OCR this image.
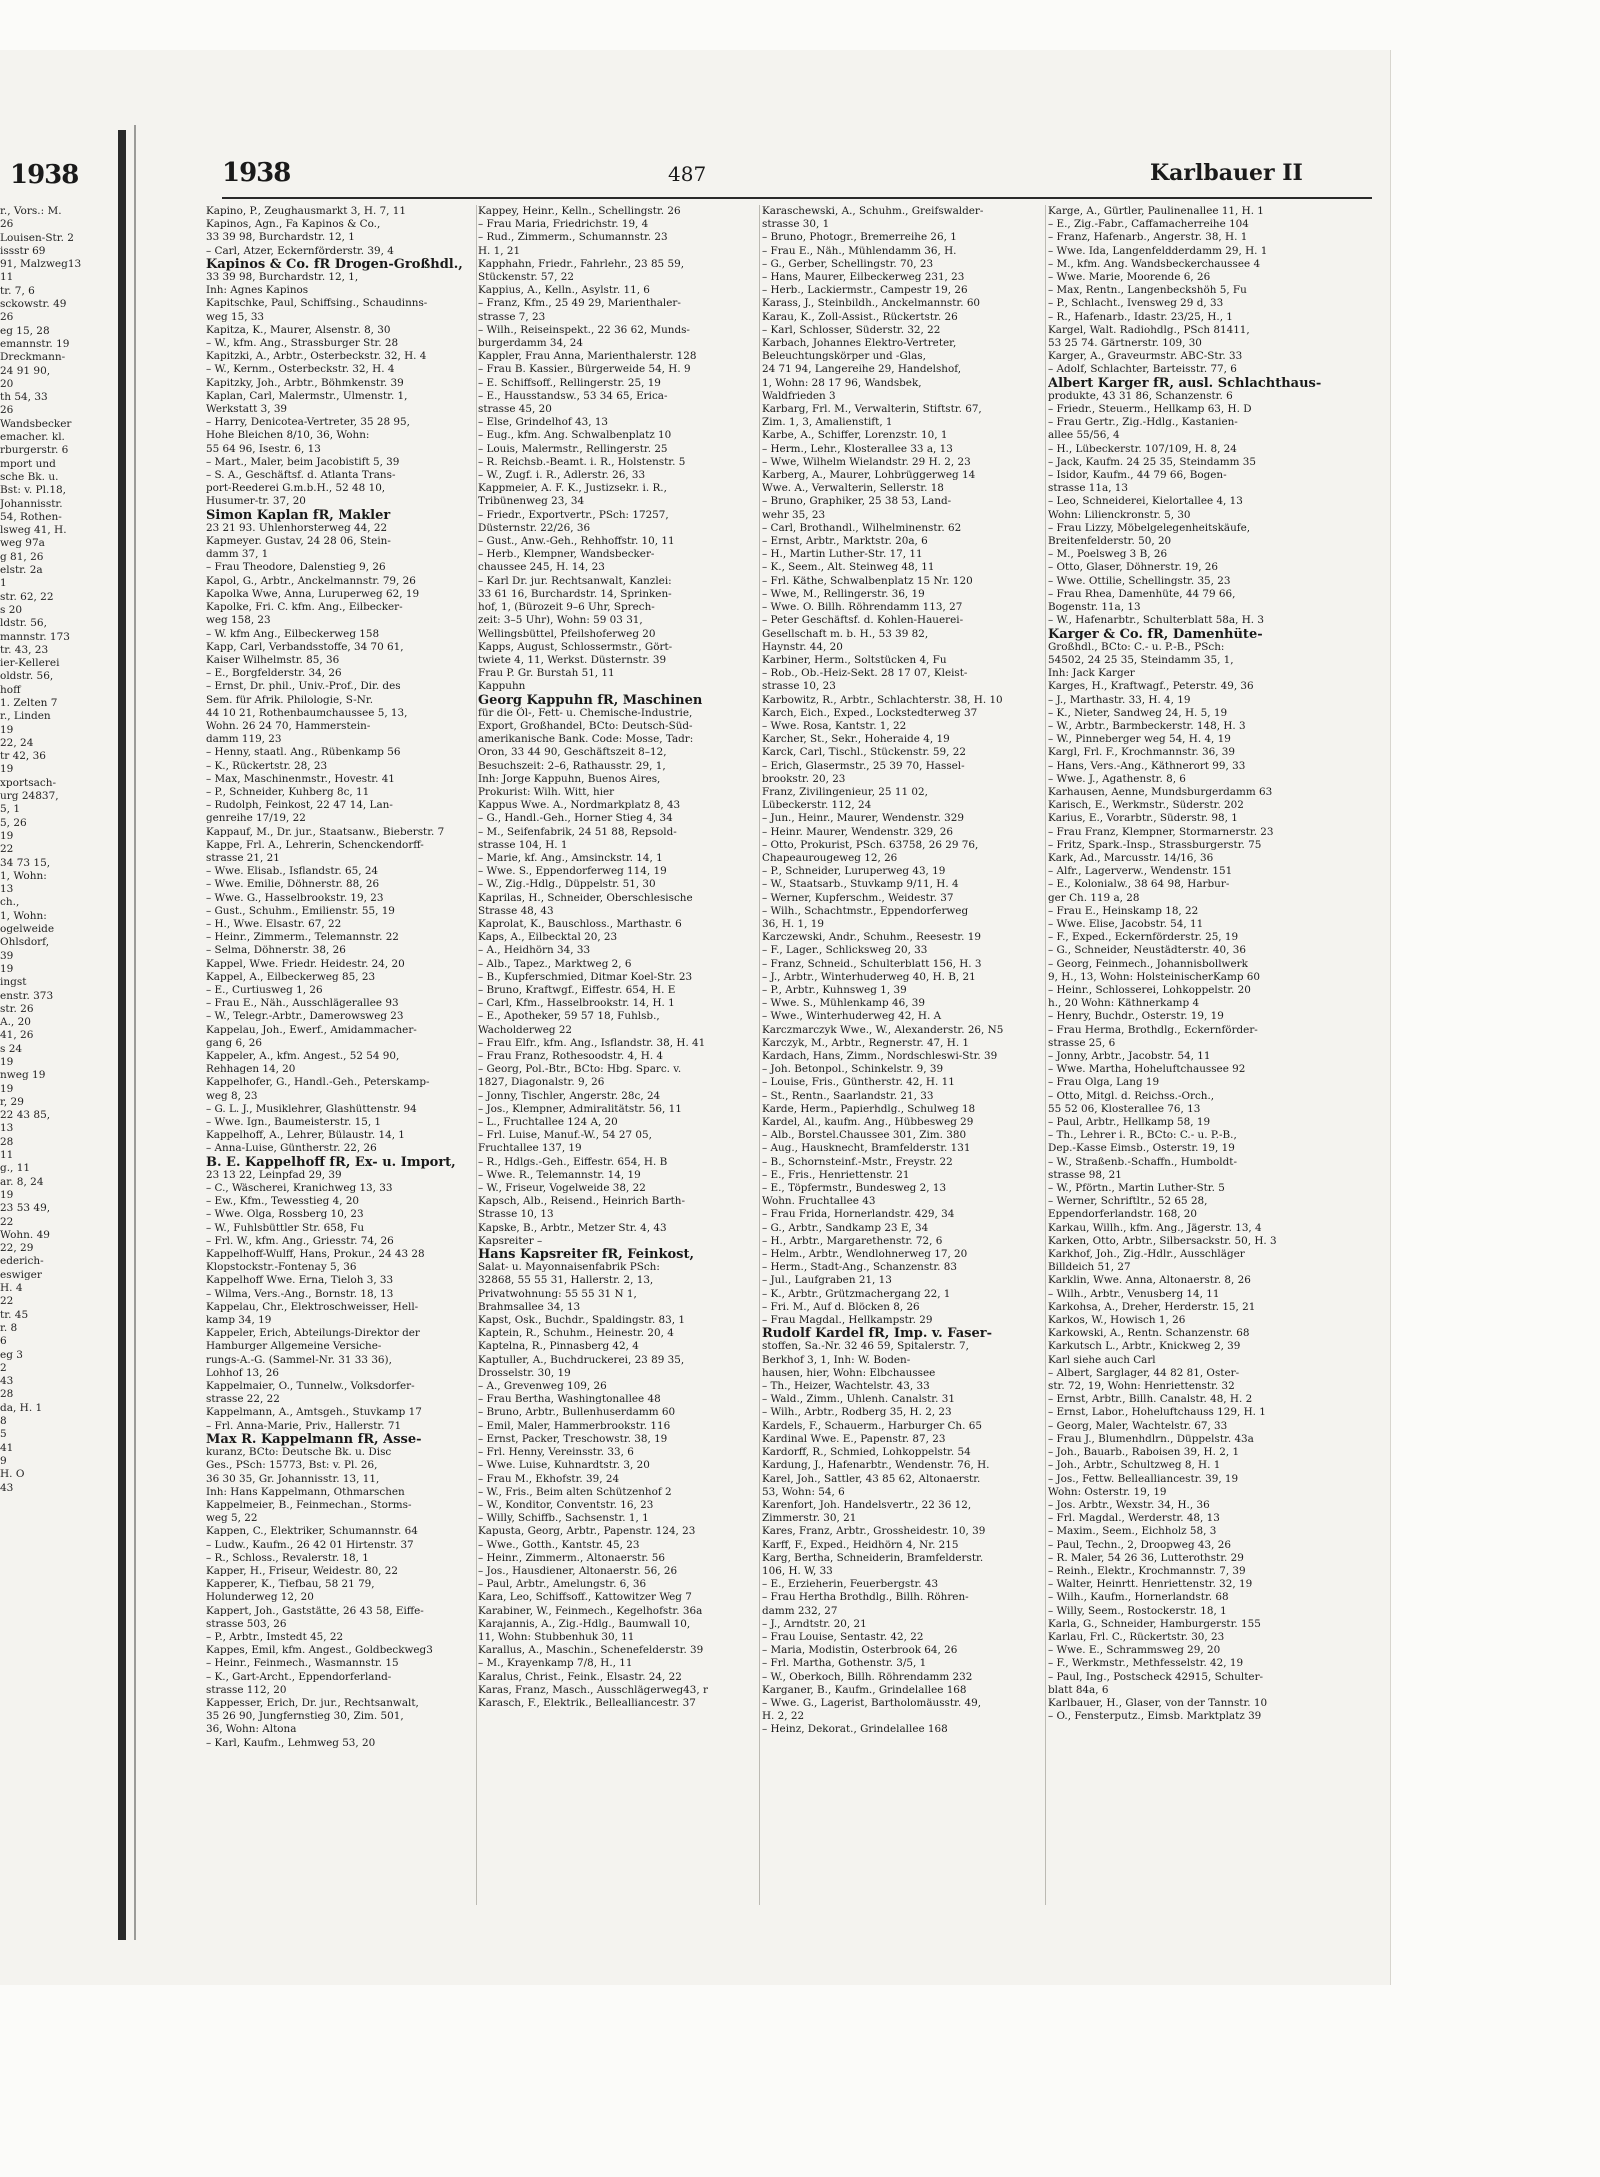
1938
r., Vors.: M.
26
Louisen-Str. 2
issstr 69
91, Malzweg13
11
tr. 7, 6
sckowstr. 49
26
eg 15, 28
emannstr. 19
Dreckmann-
24 91 90,
20
th 54, 33
26
Wandsbecker
emacher. kl.
rburgerstr. 6
mport und
sche Bk. u.
Bst: v. Pl.18,
Johannisstr.
54, Rothen-
lsweg 41, H.
weg 97a
g 81, 26
elstr. 2a
1
str. 62, 22
s 20
ldstr. 56,
mannstr. 173
tr. 43, 23
ier-Kellerei
oldstr. 56,
hoff
1. Zelten 7
r., Linden
19
22, 24
tr 42, 36
19
xportsach-
urg 24837,
5, 1
5, 26
19
22
34 73 15,
1, Wohn:
13
ch.,
1, Wohn:
ogelweide
Ohlsdorf,
39
19
ingst
enstr. 373
str. 26
A., 20
41, 26
s 24
19
nweg 19
19
r, 29
22 43 85,
13
28
11
g., 11
ar. 8, 24
19
23 53 49,
22
Wohn. 49
22, 29
ederich-
eswiger
H. 4
22
tr. 45
r. 8
6
eg 3
2
43
28
da, H. 1
8
5
41
9
H. O
43
1938	487	Karlbauer II
Kapino, P., Zeughausmarkt 3, H. 7, 11
Kapinos, Agn., Fa Kapinos & Co.,
33 39 98, Burchardstr. 12, 1
– Carl, Atzer, Eckernförderstr. 39, 4
Kapinos & Co. fR Drogen-Großhdl.,
33 39 98, Burchardstr. 12, 1,
Inh: Agnes Kapinos
Kapitschke, Paul, Schiffsing., Schaudinns-
weg 15, 33
Kapitza, K., Maurer, Alsenstr. 8, 30
– W., kfm. Ang., Strassburger Str. 28
Kapitzki, A., Arbtr., Osterbeckstr. 32, H. 4
– W., Kernm., Osterbeckstr. 32, H. 4
Kapitzky, Joh., Arbtr., Böhmkenstr. 39
Kaplan, Carl, Malermstr., Ulmenstr. 1,
Werkstatt 3, 39
– Harry, Denicotea-Vertreter, 35 28 95,
Hohe Bleichen 8/10, 36, Wohn:
55 64 96, Isestr. 6, 13
– Mart., Maler, beim Jacobistift 5, 39
– S. A., Geschäftsf. d. Atlanta Trans-
port-Reederei G.m.b.H., 52 48 10,
Husumer-tr. 37, 20
Simon Kaplan fR, Makler
23 21 93. Uhlenhorsterweg 44, 22
Kapmeyer. Gustav, 24 28 06, Stein-
damm 37, 1
– Frau Theodore, Dalenstieg 9, 26
Kapol, G., Arbtr., Anckelmannstr. 79, 26
Kapolka Wwe, Anna, Luruperweg 62, 19
Kapolke, Fri. C. kfm. Ang., Eilbecker-
weg 158, 23
– W. kfm Ang., Eilbeckerweg 158
Kapp, Carl, Verbandsstoffe, 34 70 61,
Kaiser Wilhelmstr. 85, 36
– E., Borgfelderstr. 34, 26
– Ernst, Dr. phil., Univ.-Prof., Dir. des
Sem. für Afrik. Philologie, S-Nr.
44 10 21, Rothenbaumchaussee 5, 13,
Wohn. 26 24 70, Hammerstein-
damm 119, 23
– Henny, staatl. Ang., Rübenkamp 56
– K., Rückertstr. 28, 23
– Max, Maschinenmstr., Hovestr. 41
– P., Schneider, Kuhberg 8c, 11
– Rudolph, Feinkost, 22 47 14, Lan-
genreihe 17/19, 22
Kappauf, M., Dr. jur., Staatsanw., Bieberstr. 7
Kappe, Frl. A., Lehrerin, Schenckendorff-
strasse 21, 21
– Wwe. Elisab., Isflandstr. 65, 24
– Wwe. Emilie, Döhnerstr. 88, 26
– Wwe. G., Hasselbrookstr. 19, 23
– Gust., Schuhm., Emilienstr. 55, 19
– H., Wwe. Elsastr. 67, 22
– Heinr., Zimmerm., Telemannstr. 22
– Selma, Döhnerstr. 38, 26
Kappel, Wwe. Friedr. Heidestr. 24, 20
Kappel, A., Eilbeckerweg 85, 23
– E., Curtiusweg 1, 26
– Frau E., Näh., Ausschlägerallee 93
– W., Telegr.-Arbtr., Damerowsweg 23
Kappelau, Joh., Ewerf., Amidammacher-
gang 6, 26
Kappeler, A., kfm. Angest., 52 54 90,
Rehhagen 14, 20
Kappelhofer, G., Handl.-Geh., Peterskamp-
weg 8, 23
– G. L. J., Musiklehrer, Glashüttenstr. 94
– Wwe. Ign., Baumeisterstr. 15, 1
Kappelhoff, A., Lehrer, Bülaustr. 14, 1
– Anna-Luise, Güntherstr. 22, 26
B. E. Kappelhoff fR, Ex- u. Import,
23 13 22, Leinpfad 29, 39
– C., Wäscherei, Kranichweg 13, 33
– Ew., Kfm., Tewesstieg 4, 20
– Wwe. Olga, Rossberg 10, 23
– W., Fuhlsbüttler Str. 658, Fu
– Frl. W., kfm. Ang., Griesstr. 74, 26
Kappelhoff-Wulff, Hans, Prokur., 24 43 28
Klopstockstr.-Fontenay 5, 36
Kappelhoff Wwe. Erna, Tieloh 3, 33
– Wilma, Vers.-Ang., Bornstr. 18, 13
Kappelau, Chr., Elektroschweisser, Hell-
kamp 34, 19
Kappeler, Erich, Abteilungs-Direktor der
Hamburger Allgemeine Versiche-
rungs-A.-G. (Sammel-Nr. 31 33 36),
Lohhof 13, 26
Kappelmaier, O., Tunnelw., Volksdorfer-
strasse 22, 22
Kappelmann, A., Amtsgeh., Stuvkamp 17
– Frl. Anna-Marie, Priv., Hallerstr. 71
Max R. Kappelmann fR, Asse-
kuranz, BCto: Deutsche Bk. u. Disc
Ges., PSch: 15773, Bst: v. Pl. 26,
36 30 35, Gr. Johannisstr. 13, 11,
Inh: Hans Kappelmann, Othmarschen
Kappelmeier, B., Feinmechan., Storms-
weg 5, 22
Kappen, C., Elektriker, Schumannstr. 64
– Ludw., Kaufm., 26 42 01 Hirtenstr. 37
– R., Schloss., Revalerstr. 18, 1
Kapper, H., Friseur, Weidestr. 80, 22
Kapperer, K., Tiefbau, 58 21 79,
Holunderweg 12, 20
Kappert, Joh., Gaststätte, 26 43 58, Eiffe-
strasse 503, 26
– P., Arbtr., Imstedt 45, 22
Kappes, Emil, kfm. Angest., Goldbeckweg3
– Heinr., Feinmech., Wasmannstr. 15
– K., Gart-Archt., Eppendorferland-
strasse 112, 20
Kappesser, Erich, Dr. jur., Rechtsanwalt,
35 26 90, Jungfernstieg 30, Zim. 501,
36, Wohn: Altona
– Karl, Kaufm., Lehmweg 53, 20
Kappey, Heinr., Kelln., Schellingstr. 26
– Frau Maria, Friedrichstr. 19, 4
– Rud., Zimmerm., Schumannstr. 23
H. 1, 21
Kapphahn, Friedr., Fahrlehr., 23 85 59,
Stückenstr. 57, 22
Kappius, A., Kelln., Asylstr. 11, 6
– Franz, Kfm., 25 49 29, Marienthaler-
strasse 7, 23
– Wilh., Reiseinspekt., 22 36 62, Munds-
burgerdamm 34, 24
Kappler, Frau Anna, Marienthalerstr. 128
– Frau B. Kassier., Bürgerweide 54, H. 9
– E. Schiffsoff., Rellingerstr. 25, 19
– E., Hausstandsw., 53 34 65, Erica-
strasse 45, 20
– Else, Grindelhof 43, 13
– Eug., kfm. Ang. Schwalbenplatz 10
– Louis, Malermstr., Rellingerstr. 25
– R. Reichsb.-Beamt. i. R., Holstenstr. 5
– W., Zugf. i. R., Adlerstr. 26, 33
Kappmeier, A. F. K., Justizsekr. i. R.,
Tribünenweg 23, 34
– Friedr., Exportvertr., PSch: 17257,
Düsternstr. 22/26, 36
– Gust., Anw.-Geh., Rehhoffstr. 10, 11
– Herb., Klempner, Wandsbecker-
chaussee 245, H. 14, 23
– Karl Dr. jur. Rechtsanwalt, Kanzlei:
33 61 16, Burchardstr. 14, Sprinken-
hof, 1, (Bürozeit 9–6 Uhr, Sprech-
zeit: 3–5 Uhr), Wohn: 59 03 31,
Wellingsbüttel, Pfeilshoferweg 20
Kapps, August, Schlossermstr., Gört-
twiete 4, 11, Werkst. Düsternstr. 39
Frau P. Gr. Burstah 51, 11
Kappuhn
Georg Kappuhn fR, Maschinen
für die Öl-, Fett- u. Chemische-Industrie,
Export, Großhandel, BCto: Deutsch-Süd-
amerikanische Bank. Code: Mosse, Tadr:
Oron, 33 44 90, Geschäftszeit 8–12,
Besuchszeit: 2–6, Rathausstr. 29, 1,
Inh: Jorge Kappuhn, Buenos Aires,
Prokurist: Wilh. Witt, hier
Kappus Wwe. A., Nordmarkplatz 8, 43
– G., Handl.-Geh., Horner Stieg 4, 34
– M., Seifenfabrik, 24 51 88, Repsold-
strasse 104, H. 1
– Marie, kf. Ang., Amsinckstr. 14, 1
– Wwe. S., Eppendorferweg 114, 19
– W., Zig.-Hdlg., Düppelstr. 51, 30
Kaprilas, H., Schneider, Oberschlesische
Strasse 48, 43
Kaprolat, K., Bauschloss., Marthastr. 6
Kaps, A., Eilbecktal 20, 23
– A., Heidhörn 34, 33
– Alb., Tapez., Marktweg 2, 6
– B., Kupferschmied, Ditmar Koel-Str. 23
– Bruno, Kraftwgf., Eiffestr. 654, H. E
– Carl, Kfm., Hasselbrookstr. 14, H. 1
– E., Apotheker, 59 57 18, Fuhlsb.,
Wacholderweg 22
– Frau Elfr., kfm. Ang., Isflandstr. 38, H. 41
– Frau Franz, Rothesoodstr. 4, H. 4
– Georg, Pol.-Btr., BCto: Hbg. Sparc. v.
1827, Diagonalstr. 9, 26
– Jonny, Tischler, Angerstr. 28c, 24
– Jos., Klempner, Admiralitätstr. 56, 11
– L., Fruchtallee 124 A, 20
– Frl. Luise, Manuf.-W., 54 27 05,
Fruchtallee 137, 19
– R., Hdlgs.-Geh., Eiffestr. 654, H. B
– Wwe. R., Telemannstr. 14, 19
– W., Friseur, Vogelweide 38, 22
Kapsch, Alb., Reisend., Heinrich Barth-
Strasse 10, 13
Kapske, B., Arbtr., Metzer Str. 4, 43
Kapsreiter –
Hans Kapsreiter fR, Feinkost,
Salat- u. Mayonnaisenfabrik PSch:
32868, 55 55 31, Hallerstr. 2, 13,
Privatwohnung: 55 55 31 N 1,
Brahmsallee 34, 13
Kapst, Osk., Buchdr., Spaldingstr. 83, 1
Kaptein, R., Schuhm., Heinestr. 20, 4
Kaptelna, R., Pinnasberg 42, 4
Kaptuller, A., Buchdruckerei, 23 89 35,
Drosselstr. 30, 19
– A., Grevenweg 109, 26
– Frau Bertha, Washingtonallee 48
– Bruno, Arbtr., Bullenhuserdamm 60
– Emil, Maler, Hammerbrookstr. 116
– Ernst, Packer, Treschowstr. 38, 19
– Frl. Henny, Vereinsstr. 33, 6
– Wwe. Luise, Kuhnardtstr. 3, 20
– Frau M., Ekhofstr. 39, 24
– W., Fris., Beim alten Schützenhof 2
– W., Konditor, Conventstr. 16, 23
– Willy, Schiffb., Sachsenstr. 1, 1
Kapusta, Georg, Arbtr., Papenstr. 124, 23
– Wwe., Gotth., Kantstr. 45, 23
– Heinr., Zimmerm., Altonaerstr. 56
– Jos., Hausdiener, Altonaerstr. 56, 26
– Paul, Arbtr., Amelungstr. 6, 36
Kara, Leo, Schiffsoff., Kattowitzer Weg 7
Karabiner, W., Feinmech., Kegelhofstr. 36a
Karajannis, A., Zig.-Hdlg., Baumwall 10,
11, Wohn: Stubbenhuk 30, 11
Karallus, A., Maschin., Schenefelderstr. 39
– M., Krayenkamp 7/8, H., 11
Karalus, Christ., Feink., Elsastr. 24, 22
Karas, Franz, Masch., Ausschlägerweg43, r
Karasch, F., Elektrik., Bellealliancestr. 37
Karaschewski, A., Schuhm., Greifswalder-
strasse 30, 1
– Bruno, Photogr., Bremerreihe 26, 1
– Frau E., Näh., Mühlendamm 36, H.
– G., Gerber, Schellingstr. 70, 23
– Hans, Maurer, Eilbeckerweg 231, 23
– Herb., Lackiermstr., Campestr 19, 26
Karass, J., Steinbildh., Anckelmannstr. 60
Karau, K., Zoll-Assist., Rückertstr. 26
– Karl, Schlosser, Süderstr. 32, 22
Karbach, Johannes Elektro-Vertreter,
Beleuchtungskörper und -Glas,
24 71 94, Langereihe 29, Handelshof,
1, Wohn: 28 17 96, Wandsbek,
Waldfrieden 3
Karbarg, Frl. M., Verwalterin, Stiftstr. 67,
Zim. 1, 3, Amalienstift, 1
Karbe, A., Schiffer, Lorenzstr. 10, 1
– Herm., Lehr., Klosterallee 33 a, 13
– Wwe, Wilhelm Wielandstr. 29 H. 2, 23
Karberg, A., Maurer, Lohbrüggerweg 14
Wwe. A., Verwalterin, Sellerstr. 18
– Bruno, Graphiker, 25 38 53, Land-
wehr 35, 23
– Carl, Brothandl., Wilhelminenstr. 62
– Ernst, Arbtr., Marktstr. 20a, 6
– H., Martin Luther-Str. 17, 11
– K., Seem., Alt. Steinweg 48, 11
– Frl. Käthe, Schwalbenplatz 15 Nr. 120
– Wwe, M., Rellingerstr. 36, 19
– Wwe. O. Billh. Röhrendamm 113, 27
– Peter Geschäftsf. d. Kohlen-Hauerei-
Gesellschaft m. b. H., 53 39 82,
Haynstr. 44, 20
Karbiner, Herm., Soltstücken 4, Fu
– Rob., Ob.-Heiz-Sekt. 28 17 07, Kleist-
strasse 10, 23
Karbowitz, R., Arbtr., Schlachterstr. 38, H. 10
Karch, Eich., Exped., Lockstedterweg 37
– Wwe. Rosa, Kantstr. 1, 22
Karcher, St., Sekr., Hoheraide 4, 19
Karck, Carl, Tischl., Stückenstr. 59, 22
– Erich, Glasermstr., 25 39 70, Hassel-
brookstr. 20, 23
Franz, Zivilingenieur, 25 11 02,
Lübeckerstr. 112, 24
– Jun., Heinr., Maurer, Wendenstr. 329
– Heinr. Maurer, Wendenstr. 329, 26
– Otto, Prokurist, PSch. 63758, 26 29 76,
Chapeaurougeweg 12, 26
– P., Schneider, Luruperweg 43, 19
– W., Staatsarb., Stuvkamp 9/11, H. 4
– Werner, Kupferschm., Weidestr. 37
– Wilh., Schachtmstr., Eppendorferweg
36, H. 1, 19
Karczewski, Andr., Schuhm., Reesestr. 19
– F., Lager., Schlicksweg 20, 33
– Franz, Schneid., Schulterblatt 156, H. 3
– J., Arbtr., Winterhuderweg 40, H. B, 21
– P., Arbtr., Kuhnsweg 1, 39
– Wwe. S., Mühlenkamp 46, 39
– Wwe., Winterhuderweg 42, H. A
Karczmarczyk Wwe., W., Alexanderstr. 26, N5
Karczyk, M., Arbtr., Regnerstr. 47, H. 1
Kardach, Hans, Zimm., Nordschleswi-Str. 39
– Joh. Betonpol., Schinkelstr. 9, 39
– Louise, Fris., Güntherstr. 42, H. 11
– St., Rentn., Saarlandstr. 21, 33
Karde, Herm., Papierhdlg., Schulweg 18
Kardel, Al., kaufm. Ang., Hübbesweg 29
– Alb., Borstel.Chaussee 301, Zim. 380
– Aug., Hausknecht, Bramfelderstr. 131
– B., Schornsteinf.-Mstr., Freystr. 22
– E., Fris., Henriettenstr. 21
– E., Töpfermstr., Bundesweg 2, 13
Wohn. Fruchtallee 43
– Frau Frida, Hornerlandstr. 429, 34
– G., Arbtr., Sandkamp 23 E, 34
– H., Arbtr., Margarethenstr. 72, 6
– Helm., Arbtr., Wendlohnerweg 17, 20
– Herm., Stadt-Ang., Schanzenstr. 83
– Jul., Laufgraben 21, 13
– K., Arbtr., Grützmachergang 22, 1
– Fri. M., Auf d. Blöcken 8, 26
– Frau Magdal., Hellkampstr. 29
Rudolf Kardel fR, Imp. v. Faser-
stoffen, Sa.-Nr. 32 46 59, Spitalerstr. 7,
Berkhof 3, 1, Inh: W. Boden-
hausen, hier, Wohn: Elbchaussee
– Th., Heizer, Wachtelstr. 43, 33
– Wald., Zimm., Uhlenh. Canalstr. 31
– Wilh., Arbtr., Rodberg 35, H. 2, 23
Kardels, F., Schauerm., Harburger Ch. 65
Kardinal Wwe. E., Papenstr. 87, 23
Kardorff, R., Schmied, Lohkoppelstr. 54
Kardung, J., Hafenarbtr., Wendenstr. 76, H.
Karel, Joh., Sattler, 43 85 62, Altonaerstr.
53, Wohn: 54, 6
Karenfort, Joh. Handelsvertr., 22 36 12,
Zimmerstr. 30, 21
Kares, Franz, Arbtr., Grossheidestr. 10, 39
Karff, F., Exped., Heidhörn 4, Nr. 215
Karg, Bertha, Schneiderin, Bramfelderstr.
106, H. W, 33
– E., Erzieherin, Feuerbergstr. 43
– Frau Hertha Brothdlg., Billh. Röhren-
damm 232, 27
– J., Arndtstr. 20, 21
– Frau Louise, Sentastr. 42, 22
– Maria, Modistin, Osterbrook 64, 26
– Frl. Martha, Gothenstr. 3/5, 1
– W., Oberkoch, Billh. Röhrendamm 232
Karganer, B., Kaufm., Grindelallee 168
– Wwe. G., Lagerist, Bartholomäusstr. 49,
H. 2, 22
– Heinz, Dekorat., Grindelallee 168
Karge, A., Gürtler, Paulinenallee 11, H. 1
– E., Zig.-Fabr., Caffamacherreihe 104
– Franz, Hafenarb., Angerstr. 38, H. 1
– Wwe. Ida, Langenfeldderdamm 29, H. 1
– M., kfm. Ang. Wandsbeckerchaussee 4
– Wwe. Marie, Moorende 6, 26
– Max, Rentn., Langenbeckshöh 5, Fu
– P., Schlacht., Ivensweg 29 d, 33
– R., Hafenarb., Idastr. 23/25, H., 1
Kargel, Walt. Radiohdlg., PSch 81411,
53 25 74. Gärtnerstr. 109, 30
Karger, A., Graveurmstr. ABC-Str. 33
– Adolf, Schlachter, Barteisstr. 77, 6
Albert Karger fR, ausl. Schlachthaus-
produkte, 43 31 86, Schanzenstr. 6
– Friedr., Steuerm., Hellkamp 63, H. D
– Frau Gertr., Zig.-Hdlg., Kastanien-
allee 55/56, 4
– H., Lübeckerstr. 107/109, H. 8, 24
– Jack, Kaufm. 24 25 35, Steindamm 35
– Isidor, Kaufm., 44 79 66, Bogen-
strasse 11a, 13
– Leo, Schneiderei, Kielortallee 4, 13
Wohn: Lilienckronstr. 5, 30
– Frau Lizzy, Möbelgelegenheitskäufe,
Breitenfelderstr. 50, 20
– M., Poelsweg 3 B, 26
– Otto, Glaser, Döhnerstr. 19, 26
– Wwe. Ottilie, Schellingstr. 35, 23
– Frau Rhea, Damenhüte, 44 79 66,
Bogenstr. 11a, 13
– W., Hafenarbtr., Schulterblatt 58a, H. 3
Karger & Co. fR, Damenhüte-
Großhdl., BCto: C.- u. P.-B., PSch:
54502, 24 25 35, Steindamm 35, 1,
Inh: Jack Karger
Karges, H., Kraftwagf., Peterstr. 49, 36
– J., Marthastr. 33, H. 4, 19
– K., Nieter, Sandweg 24, H. 5, 19
– W., Arbtr., Barmbeckerstr. 148, H. 3
– W., Pinneberger weg 54, H. 4, 19
Kargl, Frl. F., Krochmannstr. 36, 39
– Hans, Vers.-Ang., Käthnerort 99, 33
– Wwe. J., Agathenstr. 8, 6
Karhausen, Aenne, Mundsburgerdamm 63
Karisch, E., Werkmstr., Süderstr. 202
Karius, E., Vorarbtr., Süderstr. 98, 1
– Frau Franz, Klempner, Stormarnerstr. 23
– Fritz, Spark.-Insp., Strassburgerstr. 75
Kark, Ad., Marcusstr. 14/16, 36
– Alfr., Lagerverw., Wendenstr. 151
– E., Kolonialw., 38 64 98, Harbur-
ger Ch. 119 a, 28
– Frau E., Heinskamp 18, 22
– Wwe. Elise, Jacobstr. 54, 11
– F., Exped., Eckernförderstr. 25, 19
– G., Schneider, Neustädterstr. 40, 36
– Georg, Feinmech., Johannisbollwerk
9, H., 13, Wohn: HolsteinischerKamp 60
– Heinr., Schlosserei, Lohkoppelstr. 20
h., 20 Wohn: Käthnerkamp 4
– Henry, Buchdr., Osterstr. 19, 19
– Frau Herma, Brothdlg., Eckernförder-
strasse 25, 6
– Jonny, Arbtr., Jacobstr. 54, 11
– Wwe. Martha, Hoheluftchaussee 92
– Frau Olga, Lang 19
– Otto, Mitgl. d. Reichss.-Orch.,
55 52 06, Klosterallee 76, 13
– Paul, Arbtr., Hellkamp 58, 19
– Th., Lehrer i. R., BCto: C.- u. P.-B.,
Dep.-Kasse Eimsb., Osterstr. 19, 19
– W., Straßenb.-Schaffn., Humboldt-
strasse 98, 21
– W., Pförtn., Martin Luther-Str. 5
– Werner, Schriftltr., 52 65 28,
Eppendorferlandstr. 168, 20
Karkau, Willh., kfm. Ang., Jägerstr. 13, 4
Karken, Otto, Arbtr., Silbersackstr. 50, H. 3
Karkhof, Joh., Zig.-Hdlr., Ausschläger
Billdeich 51, 27
Karklin, Wwe. Anna, Altonaerstr. 8, 26
– Wilh., Arbtr., Venusberg 14, 11
Karkohsa, A., Dreher, Herderstr. 15, 21
Karkos, W., Howisch 1, 26
Karkowski, A., Rentn. Schanzenstr. 68
Karkutsch L., Arbtr., Knickweg 2, 39
Karl siehe auch Carl
– Albert, Sarglager, 44 82 81, Oster-
str. 72, 19, Wohn: Henriettenstr. 32
– Ernst, Arbtr., Billh. Canalstr. 48, H. 2
– Ernst, Labor., Hoheluftchauss 129, H. 1
– Georg, Maler, Wachtelstr. 67, 33
– Frau J., Blumenhdlrn., Düppelstr. 43a
– Joh., Bauarb., Raboisen 39, H. 2, 1
– Joh., Arbtr., Schultzweg 8, H. 1
– Jos., Fettw. Bellealliancestr. 39, 19
Wohn: Osterstr. 19, 19
– Jos. Arbtr., Wexstr. 34, H., 36
– Frl. Magdal., Werderstr. 48, 13
– Maxim., Seem., Eichholz 58, 3
– Paul, Techn., 2, Droopweg 43, 26
– R. Maler, 54 26 36, Lutterothstr. 29
– Reinh., Elektr., Krochmannstr. 7, 39
– Walter, Heinrtt. Henriettenstr. 32, 19
– Wilh., Kaufm., Hornerlandstr. 68
– Willy, Seem., Rostockerstr. 18, 1
Karla, G., Schneider, Hamburgerstr. 155
Karlau, Frl. C., Rückertstr. 30, 23
– Wwe. E., Schrammsweg 29, 20
– F., Werkmstr., Methfesselstr. 42, 19
– Paul, Ing., Postscheck 42915, Schulter-
blatt 84a, 6
Karlbauer, H., Glaser, von der Tannstr. 10
– O., Fensterputz., Eimsb. Marktplatz 39
